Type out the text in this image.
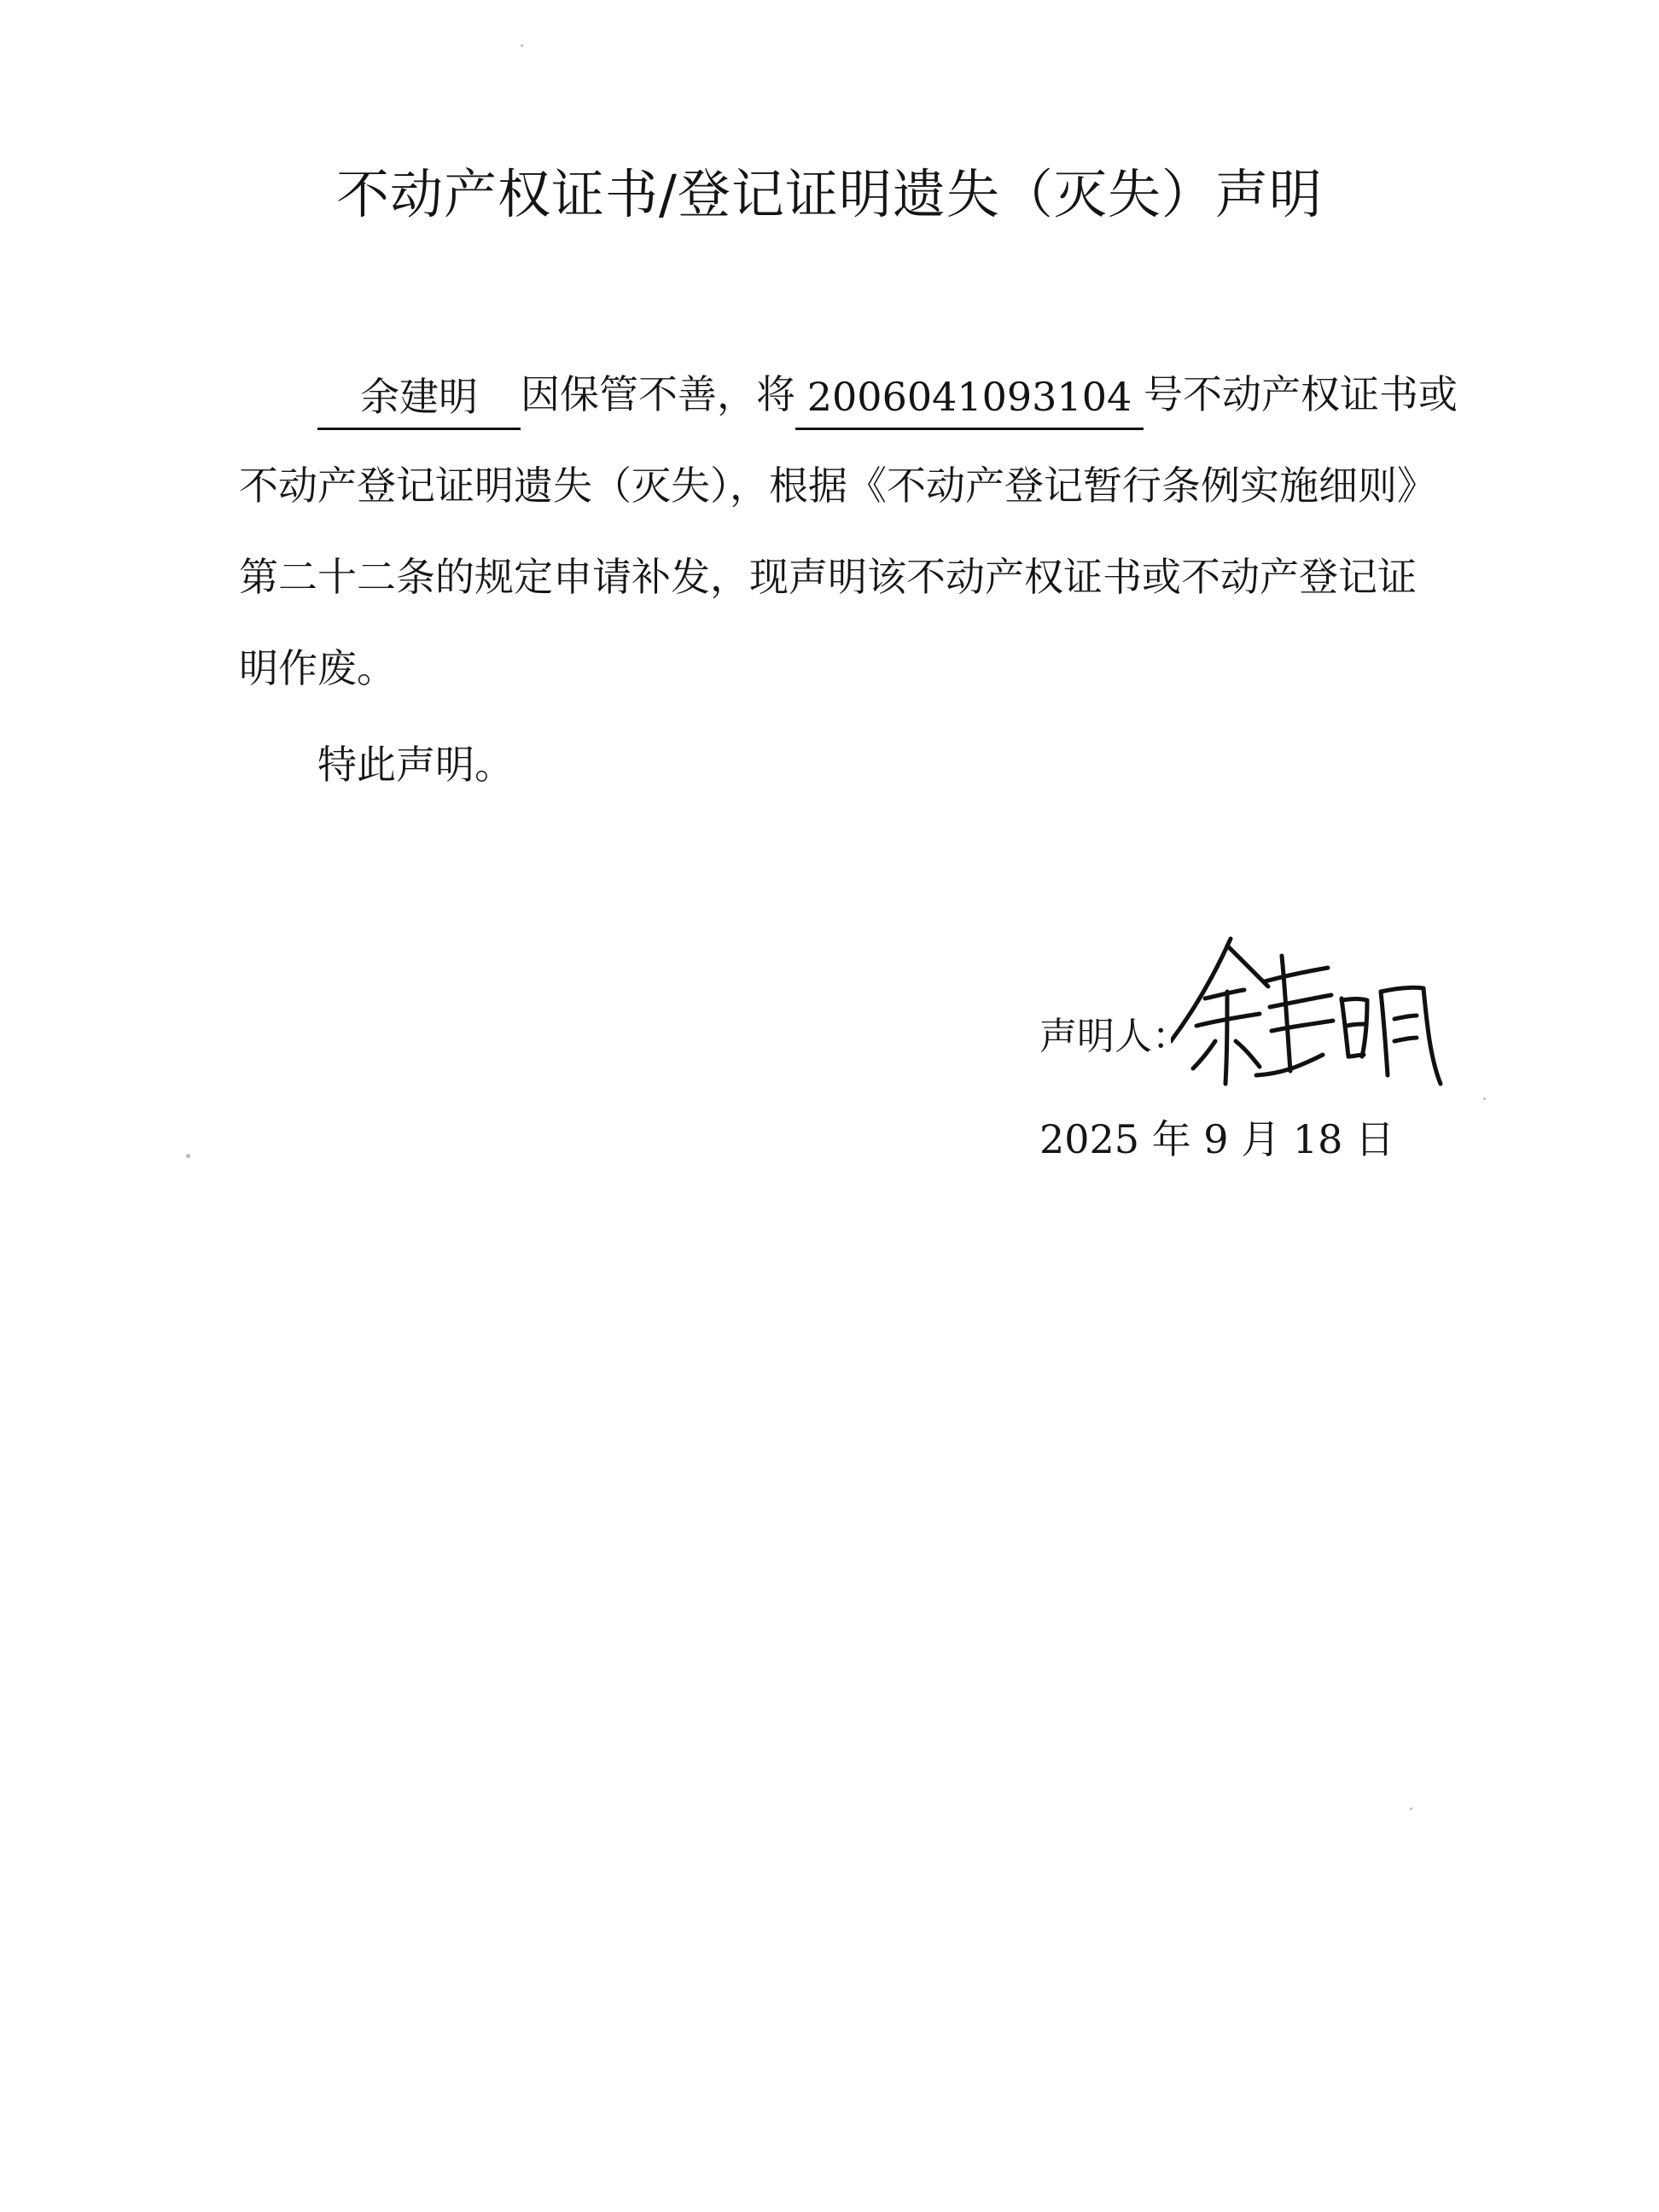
不动产权证书/登记证明遗失（灭失）声明
余建明 因保管不善，将 2006041093104 号不动产权证书或
不动产登记证明遗失（灭失），根据《不动产登记暂行条例实施细则》
第二十二条的规定申请补发，现声明该不动产权证书或不动产登记证
明作废。
特此声明。
声明人：
2025 年 9 月 18 日
